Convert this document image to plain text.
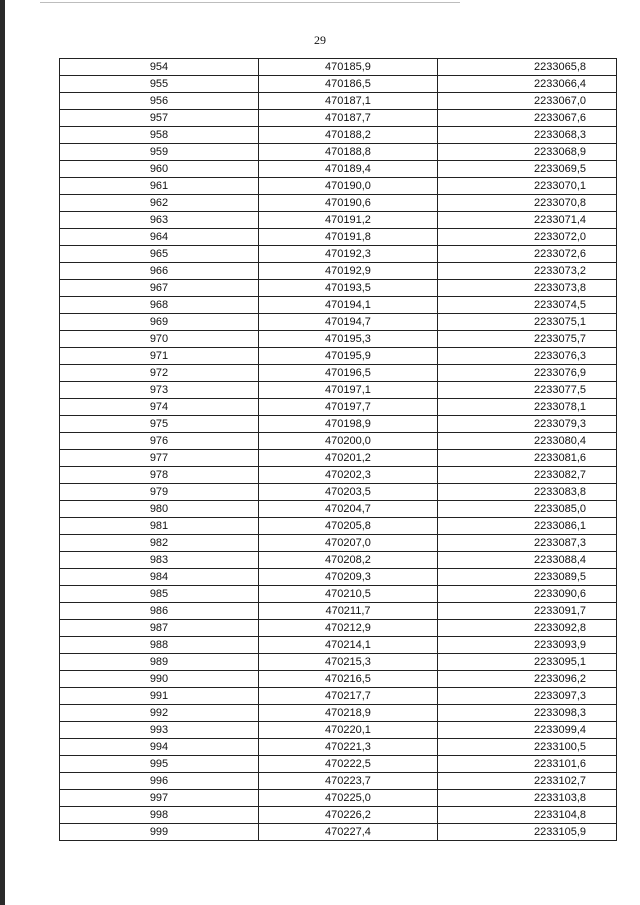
29
954	470185,9	2233065,8
955	470186,5	2233066,4
956	470187,1	2233067,0
957	470187,7	2233067,6
958	470188,2	2233068,3
959	470188,8	2233068,9
960	470189,4	2233069,5
961	470190,0	2233070,1
962	470190,6	2233070,8
963	470191,2	2233071,4
964	470191,8	2233072,0
965	470192,3	2233072,6
966	470192,9	2233073,2
967	470193,5	2233073,8
968	470194,1	2233074,5
969	470194,7	2233075,1
970	470195,3	2233075,7
971	470195,9	2233076,3
972	470196,5	2233076,9
973	470197,1	2233077,5
974	470197,7	2233078,1
975	470198,9	2233079,3
976	470200,0	2233080,4
977	470201,2	2233081,6
978	470202,3	2233082,7
979	470203,5	2233083,8
980	470204,7	2233085,0
981	470205,8	2233086,1
982	470207,0	2233087,3
983	470208,2	2233088,4
984	470209,3	2233089,5
985	470210,5	2233090,6
986	470211,7	2233091,7
987	470212,9	2233092,8
988	470214,1	2233093,9
989	470215,3	2233095,1
990	470216,5	2233096,2
991	470217,7	2233097,3
992	470218,9	2233098,3
993	470220,1	2233099,4
994	470221,3	2233100,5
995	470222,5	2233101,6
996	470223,7	2233102,7
997	470225,0	2233103,8
998	470226,2	2233104,8
999	470227,4	2233105,9
